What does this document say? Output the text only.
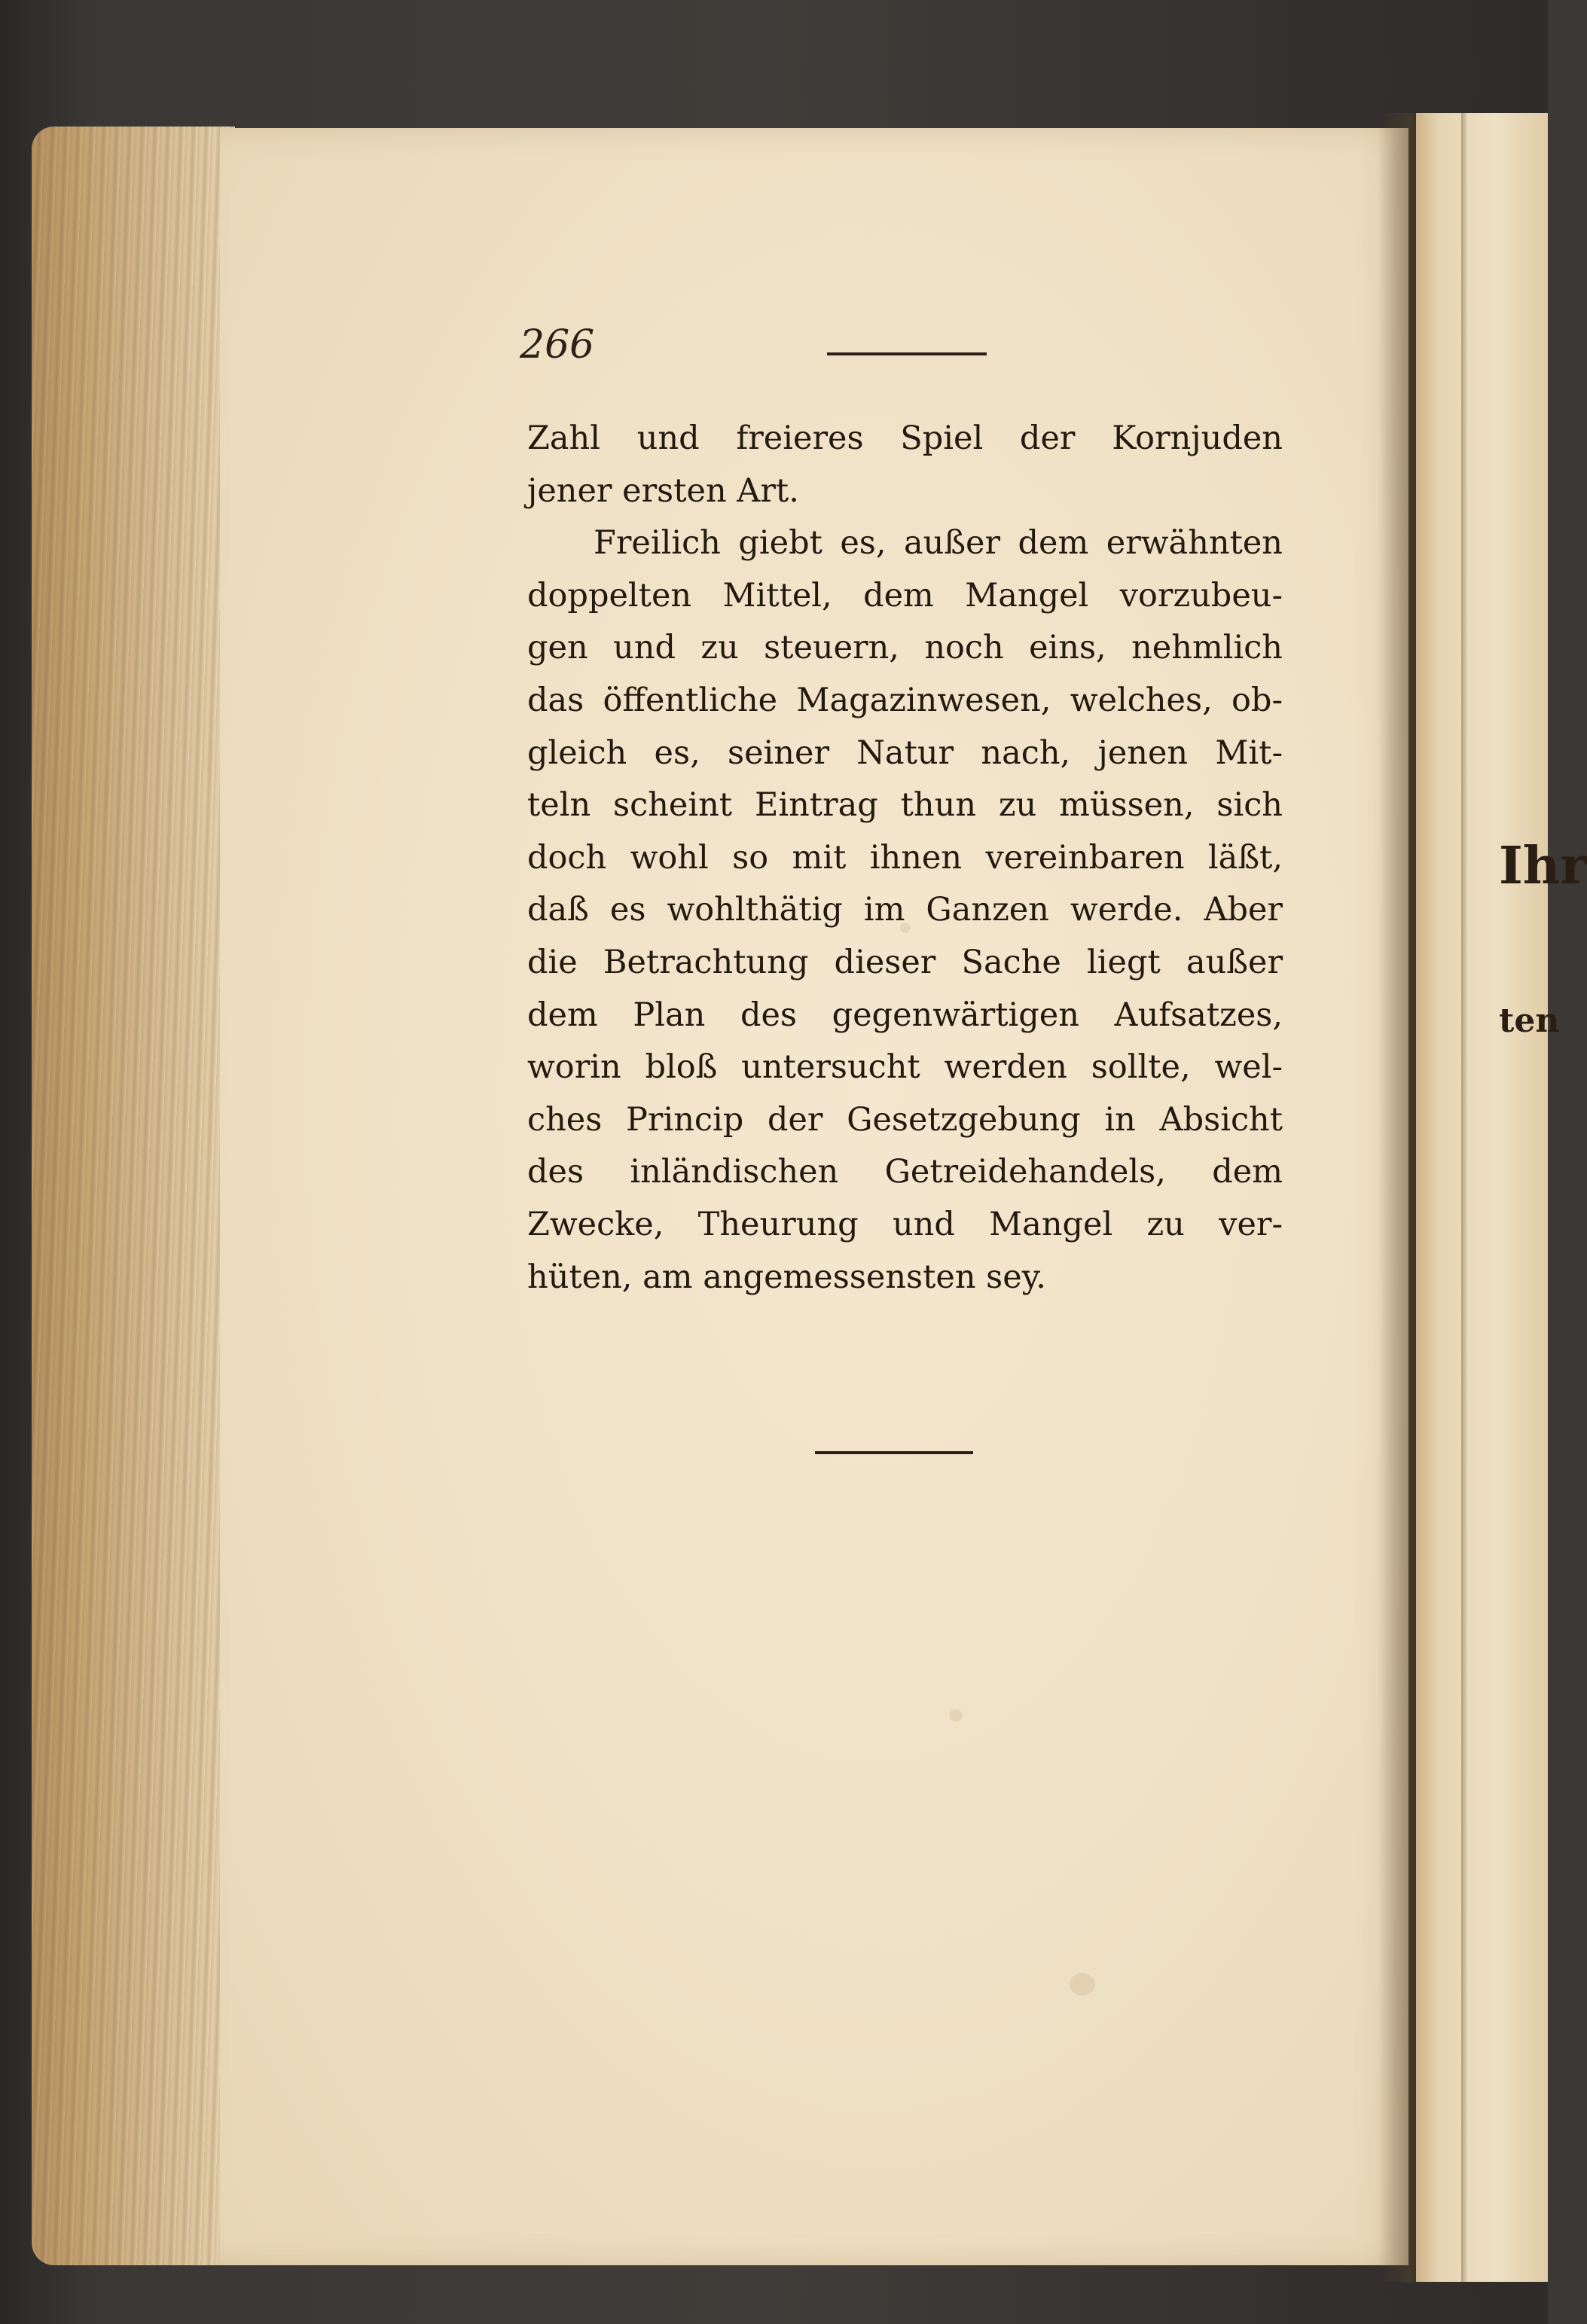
Ihr
ten
266
Zahl und freieres Spiel der Kornjuden
jener ersten Art.
Freilich giebt es, außer dem erwähnten
doppelten Mittel, dem Mangel vorzubeu-
gen und zu steuern, noch eins, nehmlich
das öffentliche Magazinwesen, welches, ob-
gleich es, seiner Natur nach, jenen Mit-
teln scheint Eintrag thun zu müssen, sich
doch wohl so mit ihnen vereinbaren läßt,
daß es wohlthätig im Ganzen werde. Aber
die Betrachtung dieser Sache liegt außer
dem Plan des gegenwärtigen Aufsatzes,
worin bloß untersucht werden sollte, wel-
ches Princip der Gesetzgebung in Absicht
des inländischen Getreidehandels, dem
Zwecke, Theurung und Mangel zu ver-
hüten, am angemessensten sey.
